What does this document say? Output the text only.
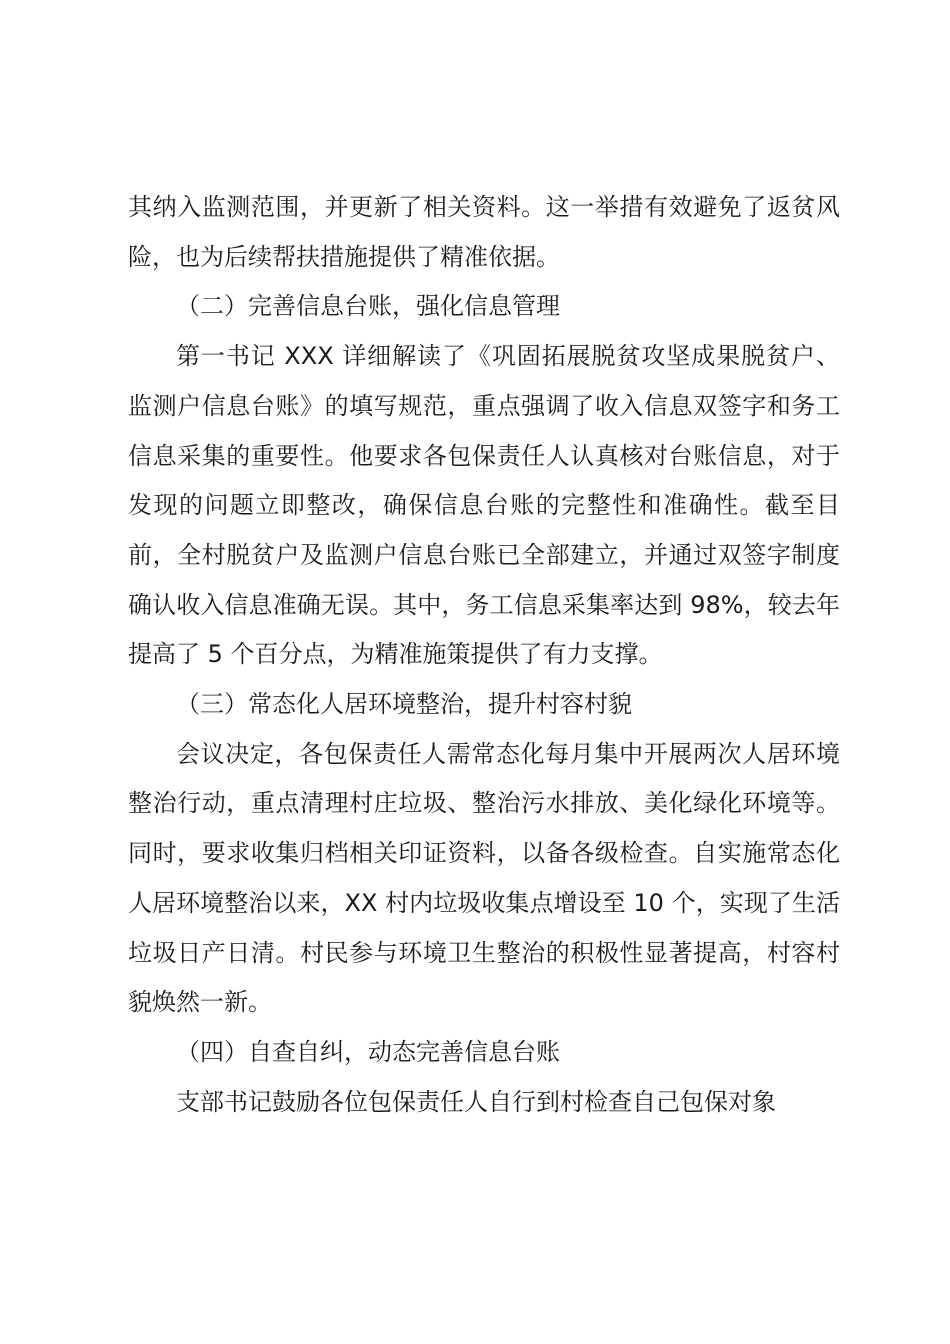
其纳入监测范围，并更新了相关资料。这一举措有效避免了返贫风险，也为后续帮扶措施提供了精准依据。

（二）完善信息台账，强化信息管理

第一书记 XXX 详细解读了《巩固拓展脱贫攻坚成果脱贫户、监测户信息台账》的填写规范，重点强调了收入信息双签字和务工信息采集的重要性。他要求各包保责任人认真核对台账信息，对于发现的问题立即整改，确保信息台账的完整性和准确性。截至目前，全村脱贫户及监测户信息台账已全部建立，并通过双签字制度确认收入信息准确无误。其中，务工信息采集率达到 98%，较去年提高了 5 个百分点，为精准施策提供了有力支撑。

（三）常态化人居环境整治，提升村容村貌

会议决定，各包保责任人需常态化每月集中开展两次人居环境整治行动，重点清理村庄垃圾、整治污水排放、美化绿化环境等。同时，要求收集归档相关印证资料，以备各级检查。自实施常态化人居环境整治以来，XX 村内垃圾收集点增设至 10 个，实现了生活垃圾日产日清。村民参与环境卫生整治的积极性显著提高，村容村貌焕然一新。

（四）自查自纠，动态完善信息台账

支部书记鼓励各位包保责任人自行到村检查自己包保对象
